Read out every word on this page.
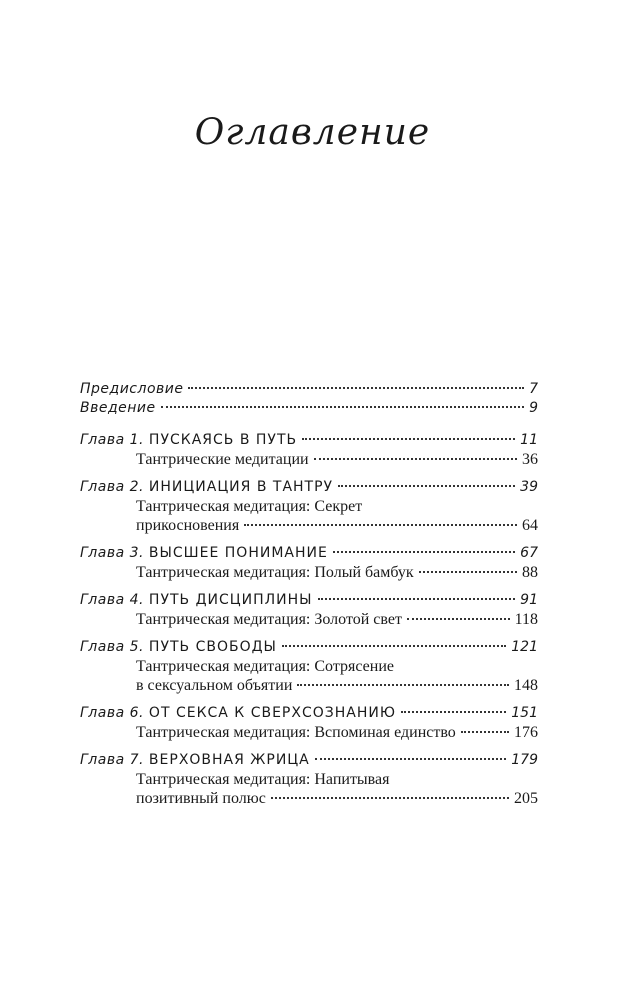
Оглавление
Предисловие	7
Введение	9
Глава 1. ПУСКАЯСЬ В ПУТЬ	11
Тантрические медитации	36
Глава 2. ИНИЦИАЦИЯ В ТАНТРУ	39
Тантрическая медитация: Секрет
прикосновения	64
Глава 3. ВЫСШЕЕ ПОНИМАНИЕ	67
Тантрическая медитация: Полый бамбук	88
Глава 4. ПУТЬ ДИСЦИПЛИНЫ	91
Тантрическая медитация: Золотой свет	118
Глава 5. ПУТЬ СВОБОДЫ	121
Тантрическая медитация: Сотрясение
в сексуальном объятии	148
Глава 6. ОТ СЕКСА К СВЕРХСОЗНАНИЮ	151
Тантрическая медитация: Вспоминая единство	176
Глава 7. ВЕРХОВНАЯ ЖРИЦА	179
Тантрическая медитация: Напитывая
позитивный полюс	205
